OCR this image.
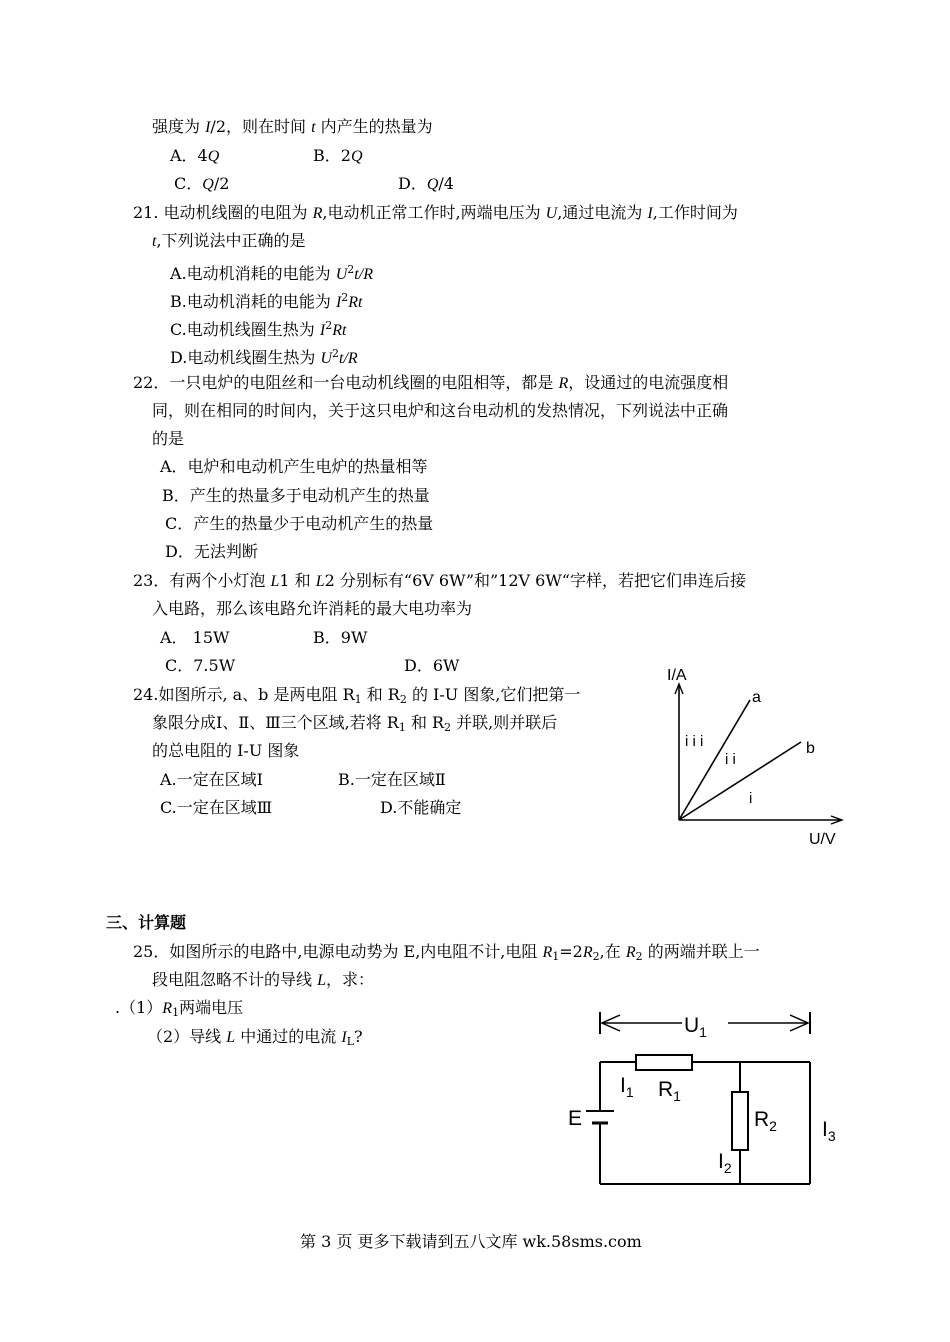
强度为 I/2，则在时间 t 内产生的热量为
A．4Q	B．2Q
C．Q/2	D．Q/4
21. 电动机线圈的电阻为 R,电动机正常工作时,两端电压为 U,通过电流为 I,工作时间为
t,下列说法中正确的是
A.电动机消耗的电能为 $U^2t/R$
B.电动机消耗的电能为 $I^2Rt$
C.电动机线圈生热为 $I^2Rt$
D.电动机线圈生热为 $U^2t/R$
22．一只电炉的电阻丝和一台电动机线圈的电阻相等，都是 R，设通过的电流强度相
同，则在相同的时间内，关于这只电炉和这台电动机的发热情况，下列说法中正确
的是
A．电炉和电动机产生电炉的热量相等
B．产生的热量多于电动机产生的热量
C．产生的热量少于电动机产生的热量
D．无法判断
23．有两个小灯泡 L1 和 L2 分别标有“6V 6W”和”12V 6W“字样，若把它们串连后接
入电路，那么该电路允许消耗的最大电功率为
A． 15W	B．9W
C．7.5W	D．6W
24.如图所示, a、b 是两电阻 $R_1$ 和 $R_2$ 的 I-U 图象,它们把第一
象限分成Ⅰ、Ⅱ、Ⅲ三个区域,若将 $R_1$ 和 $R_2$ 并联,则并联后
的总电阻的 I-U 图象
A.一定在区域Ⅰ	B.一定在区域Ⅱ
C.一定在区域Ⅲ	D.不能确定
I/A
U/V
a
b
i i i
i i
i
三、计算题
25．如图所示的电路中,电源电动势为 E,内电阻不计,电阻 $R_1=2R_2$,在 $R_2$ 的两端并联上一
段电阻忽略不计的导线 L，求：
$.(1)R_1$两端电压
（2）导线 L 中通过的电流 $I_L$?	$U_1$
$I_1$ $R_1$
E	$R_2$
$I_2$
$I_3$
第 3 页 更多下载请到五八文库 wk.58sms.com
